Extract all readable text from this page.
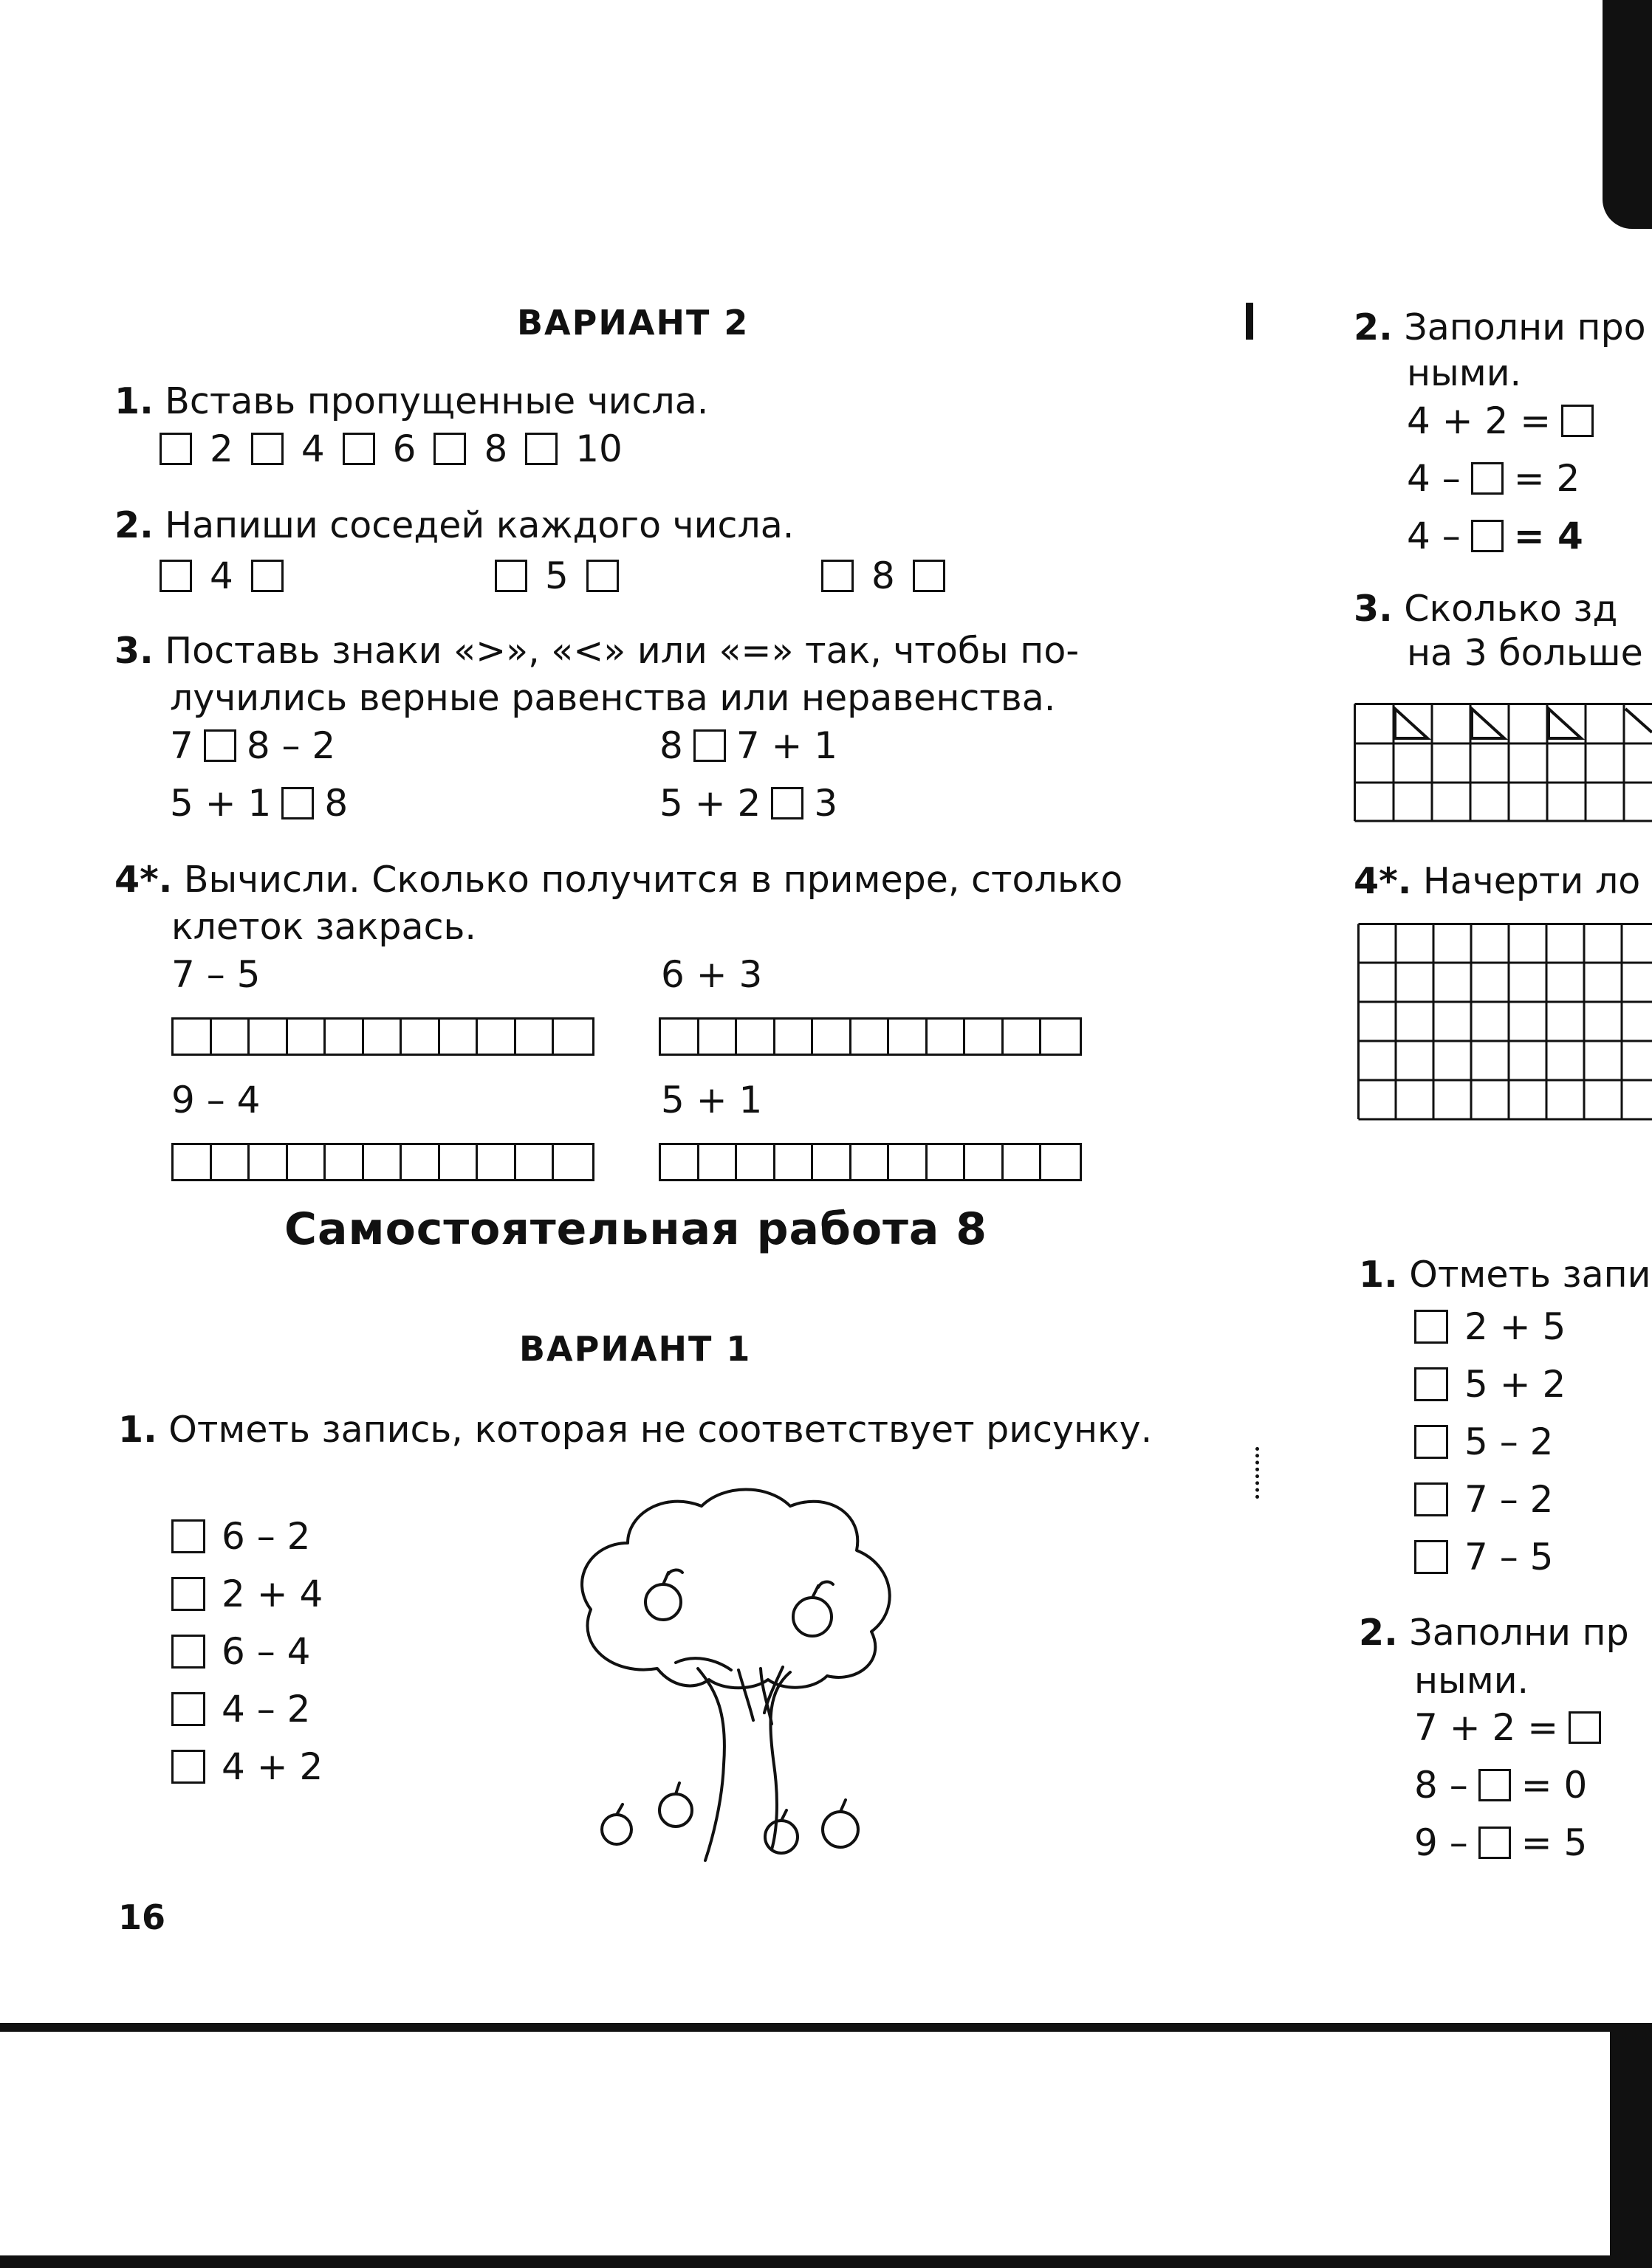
ВАРИАНТ 2
1. Вставь пропущенные числа.
2 4 6 8 10
2. Напиши соседей каждого числа.
4	5	8
3. Поставь знаки «>», «<» или «=» так, чтобы по-
лучились верные равенства или неравенства.
7 8 – 2	8 7 + 1
5 + 1 8	5 + 2 3
4*. Вычисли. Сколько получится в примере, столько
клеток закрась.
7 – 5	6 + 3
9 – 4	5 + 1
Самостоятельная работа 8
ВАРИАНТ 1
1. Отметь запись, которая не соответствует рисунку.
6 – 2
2 + 4
6 – 4
4 – 2
4 + 2
16
2. Заполни про
ными.
4 + 2 =
4 – = 2
4 – = 4
3. Сколько зд
на 3 больше
4*. Начерти ло
1. Отметь запи
2 + 5
5 + 2
5 – 2
7 – 2
7 – 5
2. Заполни пр
ными.
7 + 2 =
8 – = 0
9 – = 5
